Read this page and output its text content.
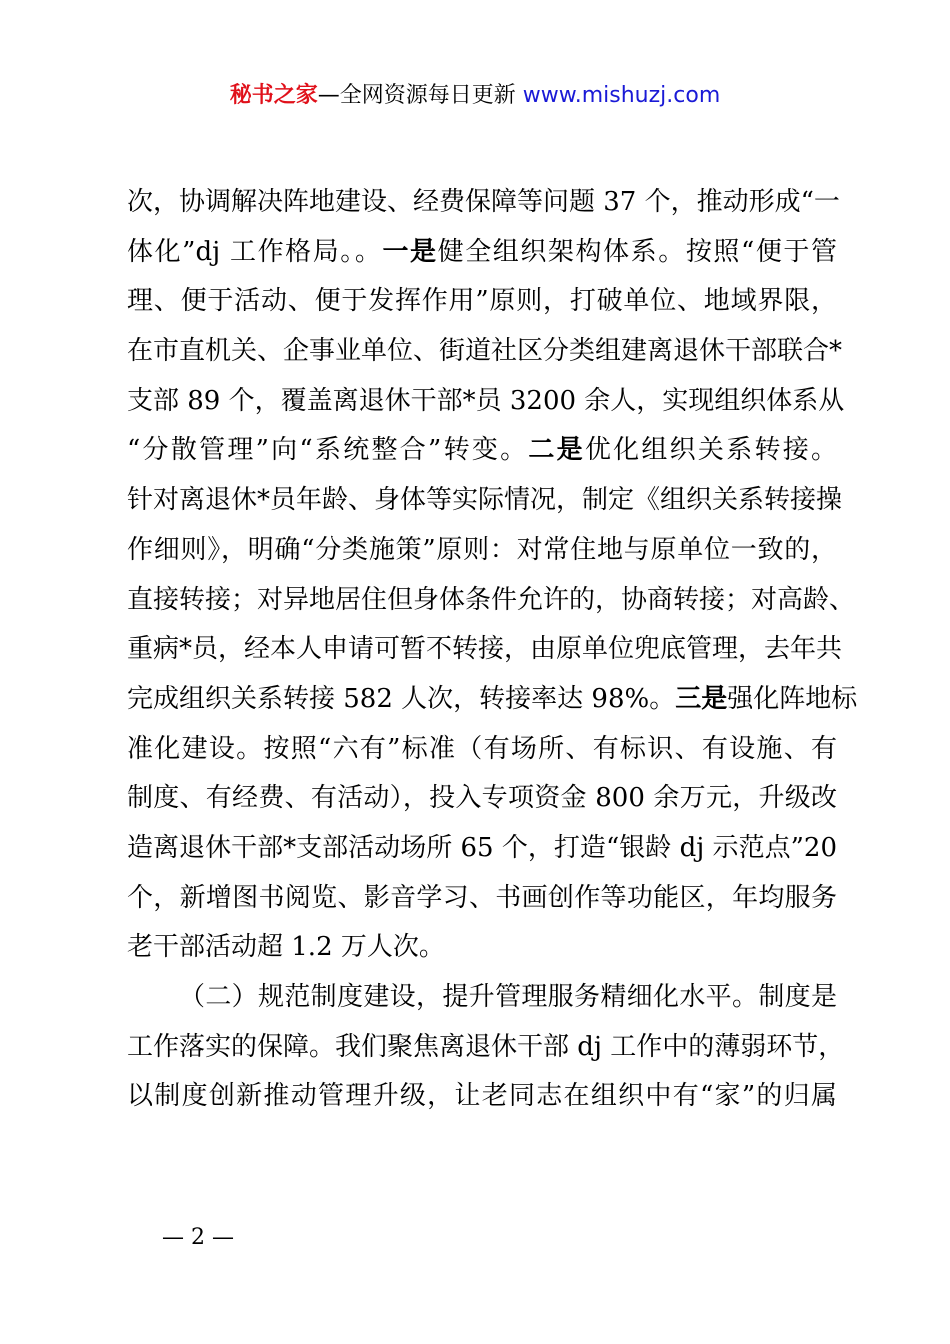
秘书之家—全网资源每日更新 www.mishuzj.com
次，协调解决阵地建设、经费保障等问题 37 个，推动形成“一
体化”dj 工作格局。。一是健全组织架构体系。按照“便于管
理、便于活动、便于发挥作用”原则，打破单位、地域界限，
在市直机关、企事业单位、街道社区分类组建离退休干部联合*
支部 89 个，覆盖离退休干部*员 3200 余人，实现组织体系从
“分散管理”向“系统整合”转变。二是优化组织关系转接。
针对离退休*员年龄、身体等实际情况，制定《组织关系转接操
作细则》，明确“分类施策”原则：对常住地与原单位一致的，
直接转接；对异地居住但身体条件允许的，协商转接；对高龄、
重病*员，经本人申请可暂不转接，由原单位兜底管理，去年共
完成组织关系转接 582 人次，转接率达 98%。三是强化阵地标
准化建设。按照“六有”标准（有场所、有标识、有设施、有
制度、有经费、有活动），投入专项资金 800 余万元，升级改
造离退休干部*支部活动场所 65 个，打造“银龄 dj 示范点”20
个，新增图书阅览、影音学习、书画创作等功能区，年均服务
老干部活动超 1.2 万人次。
（二）规范制度建设，提升管理服务精细化水平。制度是
工作落实的保障。我们聚焦离退休干部 dj 工作中的薄弱环节，
以制度创新推动管理升级，让老同志在组织中有“家”的归属
— 2 —
